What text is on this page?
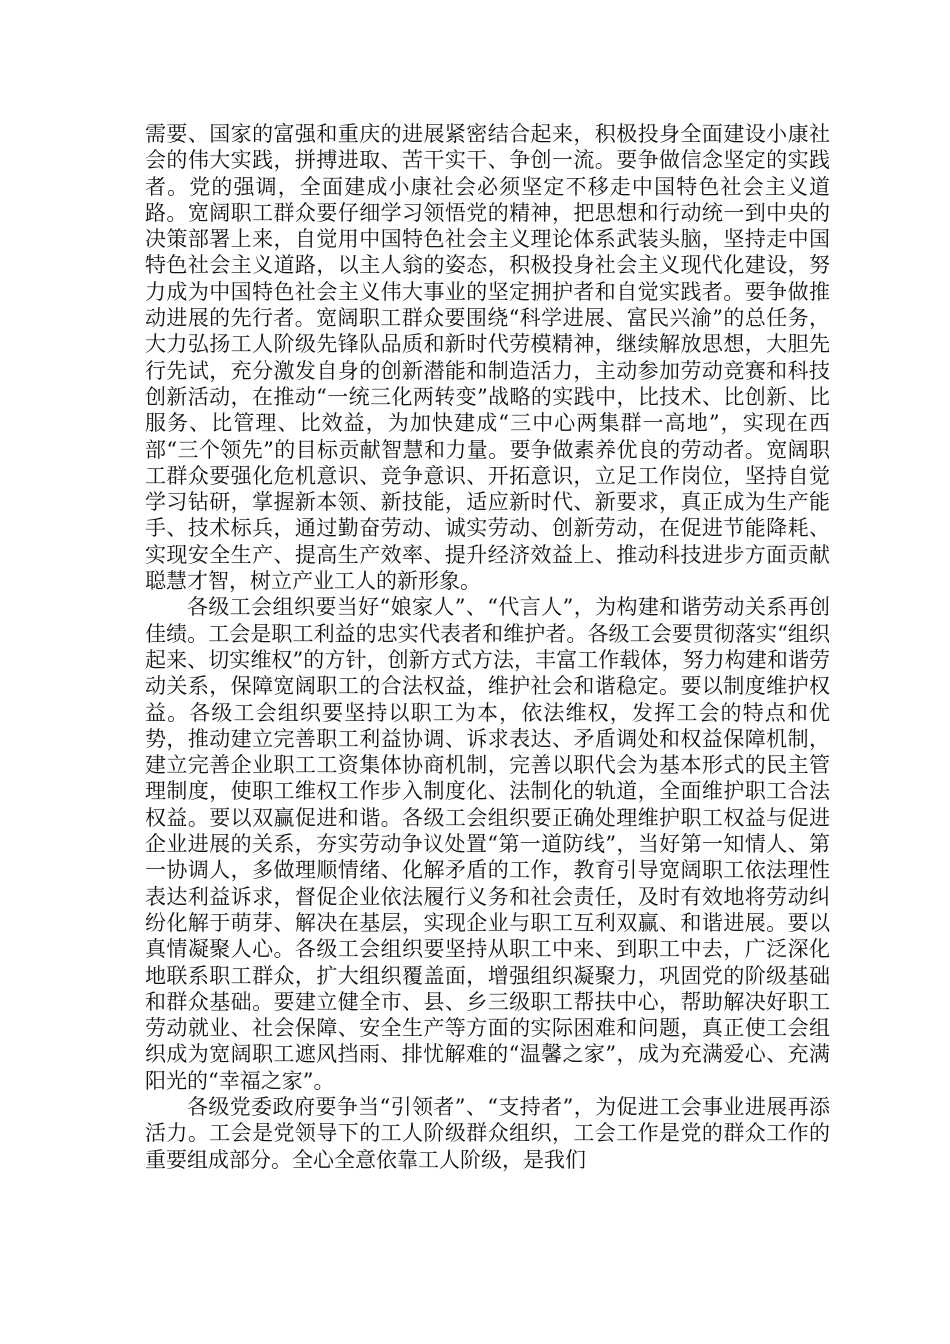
需要、国家的富强和重庆的进展紧密结合起来，积极投身全面建设小康社会的伟大实践，拼搏进取、苦干实干、争创一流。要争做信念坚定的实践者。党的强调，全面建成小康社会必须坚定不移走中国特色社会主义道路。宽阔职工群众要仔细学习领悟党的精神，把思想和行动统一到中央的决策部署上来，自觉用中国特色社会主义理论体系武装头脑，坚持走中国特色社会主义道路，以主人翁的姿态，积极投身社会主义现代化建设，努力成为中国特色社会主义伟大事业的坚定拥护者和自觉实践者。要争做推动进展的先行者。宽阔职工群众要围绕“科学进展、富民兴渝”的总任务，大力弘扬工人阶级先锋队品质和新时代劳模精神，继续解放思想，大胆先行先试，充分激发自身的创新潜能和制造活力，主动参加劳动竞赛和科技创新活动，在推动“一统三化两转变”战略的实践中，比技术、比创新、比服务、比管理、比效益，为加快建成“三中心两集群一高地”，实现在西部“三个领先”的目标贡献智慧和力量。要争做素养优良的劳动者。宽阔职工群众要强化危机意识、竞争意识、开拓意识，立足工作岗位，坚持自觉学习钻研，掌握新本领、新技能，适应新时代、新要求，真正成为生产能手、技术标兵，通过勤奋劳动、诚实劳动、创新劳动，在促进节能降耗、实现安全生产、提高生产效率、提升经济效益上、推动科技进步方面贡献聪慧才智，树立产业工人的新形象。

各级工会组织要当好“娘家人”、“代言人”，为构建和谐劳动关系再创佳绩。工会是职工利益的忠实代表者和维护者。各级工会要贯彻落实“组织起来、切实维权”的方针，创新方式方法，丰富工作载体，努力构建和谐劳动关系，保障宽阔职工的合法权益，维护社会和谐稳定。要以制度维护权益。各级工会组织要坚持以职工为本，依法维权，发挥工会的特点和优势，推动建立完善职工利益协调、诉求表达、矛盾调处和权益保障机制，建立完善企业职工工资集体协商机制，完善以职代会为基本形式的民主管理制度，使职工维权工作步入制度化、法制化的轨道，全面维护职工合法权益。要以双赢促进和谐。各级工会组织要正确处理维护职工权益与促进企业进展的关系，夯实劳动争议处置“第一道防线”，当好第一知情人、第一协调人，多做理顺情绪、化解矛盾的工作，教育引导宽阔职工依法理性表达利益诉求，督促企业依法履行义务和社会责任，及时有效地将劳动纠纷化解于萌芽、解决在基层，实现企业与职工互利双赢、和谐进展。要以真情凝聚人心。各级工会组织要坚持从职工中来、到职工中去，广泛深化地联系职工群众，扩大组织覆盖面，增强组织凝聚力，巩固党的阶级基础和群众基础。要建立健全市、县、乡三级职工帮扶中心，帮助解决好职工劳动就业、社会保障、安全生产等方面的实际困难和问题，真正使工会组织成为宽阔职工遮风挡雨、排忧解难的“温馨之家”，成为充满爱心、充满阳光的“幸福之家”。

各级党委政府要争当“引领者”、“支持者”，为促进工会事业进展再添活力。工会是党领导下的工人阶级群众组织，工会工作是党的群众工作的重要组成部分。全心全意依靠工人阶级，是我们
